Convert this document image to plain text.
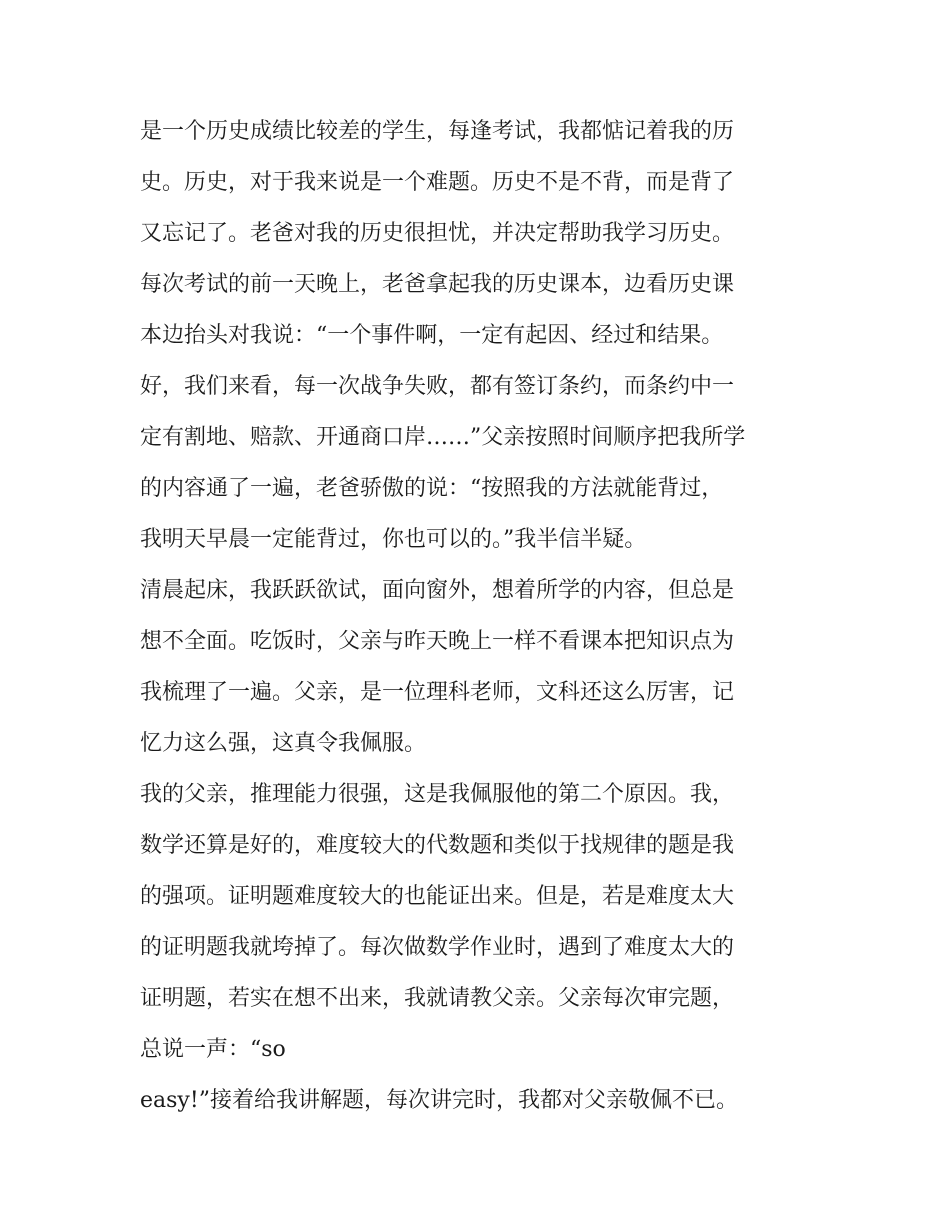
是一个历史成绩比较差的学生，每逢考试，我都惦记着我的历
史。历史，对于我来说是一个难题。历史不是不背，而是背了
又忘记了。老爸对我的历史很担忧，并决定帮助我学习历史。
每次考试的前一天晚上，老爸拿起我的历史课本，边看历史课
本边抬头对我说：“一个事件啊，一定有起因、经过和结果。
好，我们来看，每一次战争失败，都有签订条约，而条约中一
定有割地、赔款、开通商口岸……”父亲按照时间顺序把我所学
的内容通了一遍，老爸骄傲的说：“按照我的方法就能背过，
我明天早晨一定能背过，你也可以的。”我半信半疑。
清晨起床，我跃跃欲试，面向窗外，想着所学的内容，但总是
想不全面。吃饭时，父亲与昨天晚上一样不看课本把知识点为
我梳理了一遍。父亲，是一位理科老师，文科还这么厉害，记
忆力这么强，这真令我佩服。
我的父亲，推理能力很强，这是我佩服他的第二个原因。我，
数学还算是好的，难度较大的代数题和类似于找规律的题是我
的强项。证明题难度较大的也能证出来。但是，若是难度太大
的证明题我就垮掉了。每次做数学作业时，遇到了难度太大的
证明题，若实在想不出来，我就请教父亲。父亲每次审完题，
总说一声：“so
easy!”接着给我讲解题，每次讲完时，我都对父亲敬佩不已。
